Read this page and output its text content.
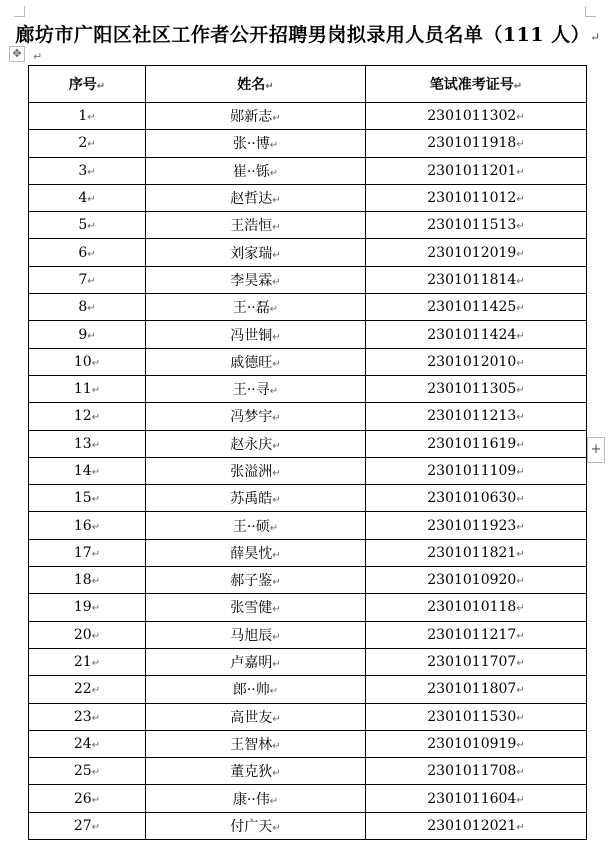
廊坊市广阳区社区工作者公开招聘男岗拟录用人员名单（111 人）↵
✥	↵
序号↵	姓名↵	笔试准考证号↵
1↵	郧新志↵	2301011302↵
2↵	张··博↵	2301011918↵
3↵	崔··铄↵	2301011201↵
4↵	赵哲达↵	2301011012↵
5↵	王浩恒↵	2301011513↵
6↵	刘家瑞↵	2301012019↵
7↵	李昊霖↵	2301011814↵
8↵	王··磊↵	2301011425↵
9↵	冯世铜↵	2301011424↵
10↵	戚德旺↵	2301012010↵
11↵	王··寻↵	2301011305↵
12↵	冯梦宇↵	2301011213↵
13↵	赵永庆↵	2301011619↵
14↵	张溢洲↵	2301011109↵
15↵	苏禹皓↵	2301010630↵
16↵	王··硕↵	2301011923↵
17↵	薛昊忱↵	2301011821↵
18↵	郝子鉴↵	2301010920↵
19↵	张雪健↵	2301010118↵
20↵	马旭辰↵	2301011217↵
21↵	卢嘉明↵	2301011707↵
22↵	郎··帅↵	2301011807↵
23↵	高世友↵	2301011530↵
24↵	王智林↵	2301010919↵
25↵	董克狄↵	2301011708↵
26↵	康··伟↵	2301011604↵
27↵	付广天↵	2301012021↵
+
